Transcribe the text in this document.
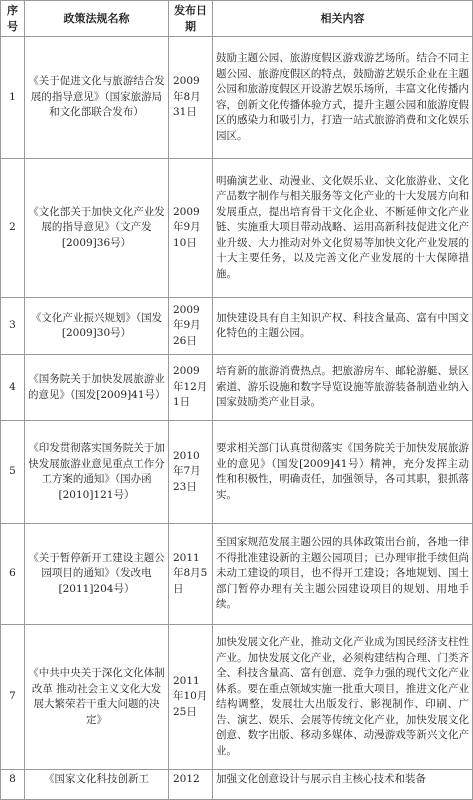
序号	政策法规名称	发布日期	相关内容
1	《关于促进文化与旅游结合发展的指导意见》（国家旅游局和文化部联合发布）	2009年8月31日	鼓励主题公园、旅游度假区游戏游艺场所。结合不同主题公园、旅游度假区的特点，鼓励游艺娱乐企业在主题公园和旅游度假区开设游艺娱乐场所，丰富文化传播内容，创新文化传播体验方式，提升主题公园和旅游度假区的感染力和吸引力，打造一站式旅游消费和文化娱乐园区。
2	《文化部关于加快文化产业发展的指导意见》（文产发[2009]36号）	2009年9月10日	明确演艺业、动漫业、文化娱乐业、文化旅游业、文化产品数字制作与相关服务等文化产业的十大发展方向和发展重点，提出培育骨干文化企业、不断延伸文化产业链、实施重大项目带动战略、运用高新科技促进文化产业升级、大力推动对外文化贸易等加快文化产业发展的十大主要任务，以及完善文化产业发展的十大保障措施。
3	《文化产业振兴规划》（国发[2009]30号）	2009年9月26日	加快建设具有自主知识产权、科技含量高、富有中国文化特色的主题公园。
4	《国务院关于加快发展旅游业的意见》（国发[2009]41号）	2009年12月1日	培育新的旅游消费热点。把旅游房车、邮轮游艇、景区索道、游乐设施和数字导览设施等旅游装备制造业纳入国家鼓励类产业目录。
5	《印发贯彻落实国务院关于加快发展旅游业意见重点工作分工方案的通知》（国办函[2010]121号）	2010年7月23日	要求相关部门认真贯彻落实《国务院关于加快发展旅游业的意见》（国发[2009]41号）精神，充分发挥主动性和积极性，明确责任，加强领导，各司其职，狠抓落实。
6	《关于暂停新开工建设主题公园项目的通知》（发改电[2011]204号）	2011年8月5日	至国家规范发展主题公园的具体政策出台前，各地一律不得批准建设新的主题公园项目；已办理审批手续但尚未动工建设的项目，也不得开工建设；各地规划、国土部门暂停办理有关主题公园建设项目的规划、用地手续。
7	《中共中央关于深化文化体制改革 推动社会主义文化大发展大繁荣若干重大问题的决定》	2011年10月25日	加快发展文化产业，推动文化产业成为国民经济支柱性产业。加快发展文化产业，必须构建结构合理、门类齐全、科技含量高、富有创意、竞争力强的现代文化产业体系。要在重点领域实施一批重大项目，推进文化产业结构调整，发展壮大出版发行、影视制作、印刷、广告、演艺、娱乐、会展等传统文化产业，加快发展文化创意、数字出版、移动多媒体、动漫游戏等新兴文化产业。
8	《国家文化科技创新工	2012	加强文化创意设计与展示自主核心技术和装备
